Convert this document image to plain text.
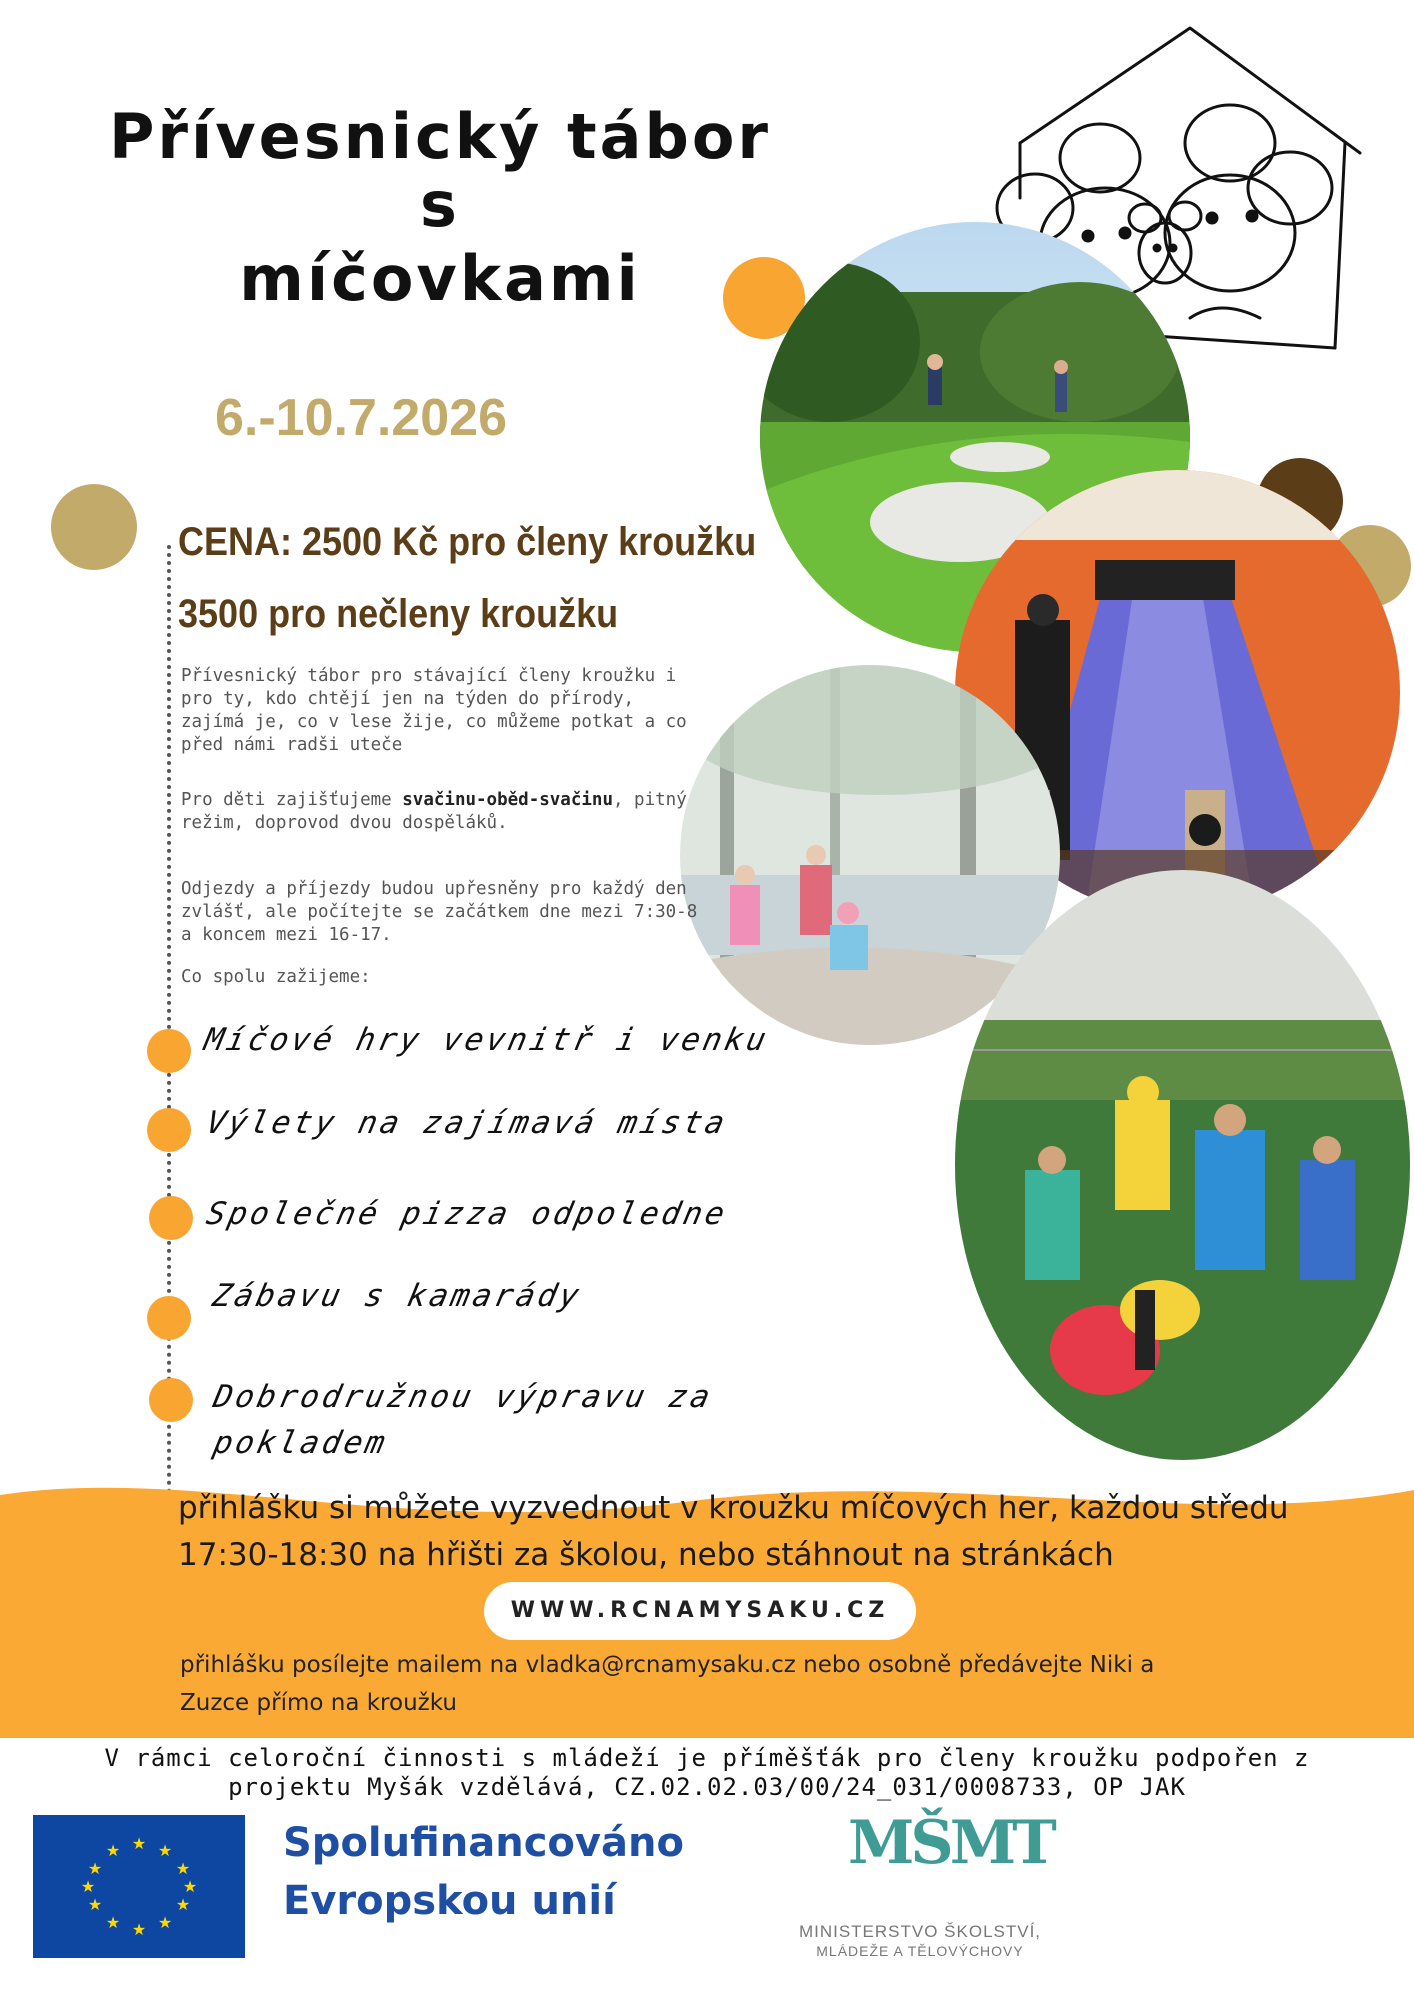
Přívesnický tábor s
míčovkami
6.-10.7.2026
CENA: 2500 Kč pro členy kroužku
3500 pro nečleny kroužku
Přívesnický tábor pro stávající členy kroužku i pro ty, kdo chtějí jen na týden do přírody, zajímá je, co v lese žije, co můžeme potkat a co před námi radši uteče
Pro děti zajišťujeme svačinu-oběd-svačinu, pitný režim, doprovod dvou dospěláků.
Odjezdy a příjezdy budou upřesněny pro každý den zvlášť, ale počítejte se začátkem dne mezi 7:30-8 a koncem mezi 16-17.
Co spolu zažijeme:
Míčové hry vevnitř i venku
Výlety na zajímavá místa
Společné pizza odpoledne
Zábavu s kamarády
Dobrodružnou výpravu za
pokladem
přihlášku si můžete vyzvednout v kroužku míčových her, každou středu
17:30-18:30 na hřišti za školou, nebo stáhnout na stránkách
WWW.RCNAMYSAKU.CZ
přihlášku posílejte mailem na vladka@rcnamysaku.cz nebo osobně předávejte Niki a
Zuzce přímo na kroužku
V rámci celoroční činnosti s mládeží je příměšťák pro členy kroužku podpořen z
projektu Myšák vzdělává, CZ.02.02.03/00/24_031/0008733, OP JAK
★ ★
★
★
★
★
★
★
★
★
★
★	Spolufinancováno
Evropskou unií
MŠMT
MINISTERSTVO ŠKOLSTVÍ,
MLÁDEŽE A TĚLOVÝCHOVY
